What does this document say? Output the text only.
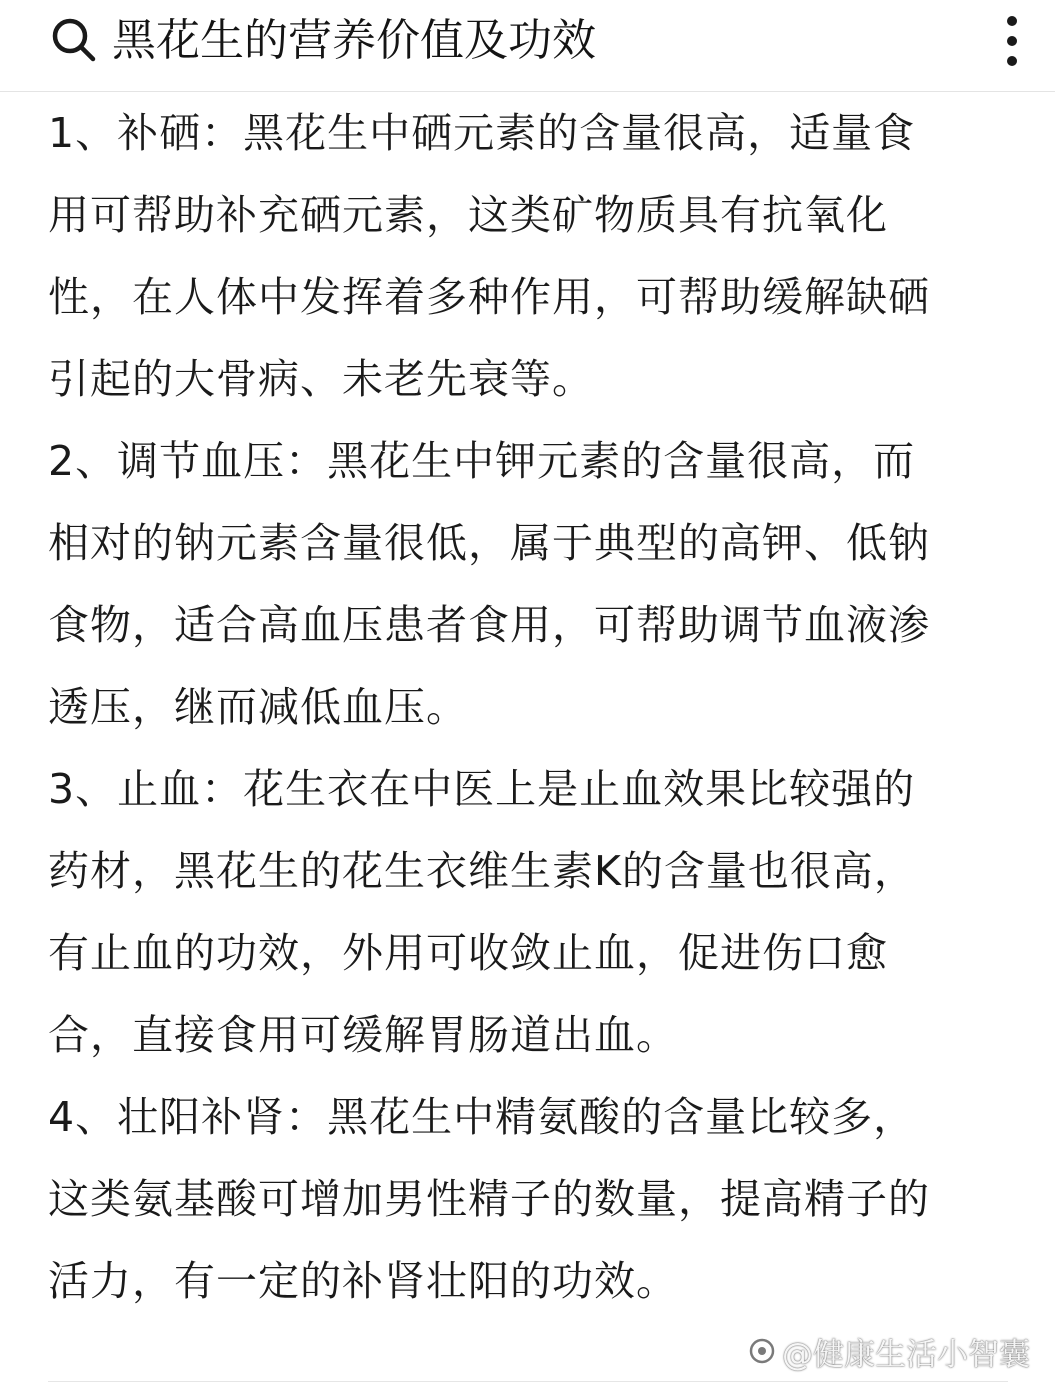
黑花生的营养价值及功效

1、补硒：黑花生中硒元素的含量很高，适量食
用可帮助补充硒元素，这类矿物质具有抗氧化
性，在人体中发挥着多种作用，可帮助缓解缺硒
引起的大骨病、未老先衰等。

2、调节血压：黑花生中钾元素的含量很高，而
相对的钠元素含量很低，属于典型的高钾、低钠
食物，适合高血压患者食用，可帮助调节血液渗
透压，继而减低血压。

3、止血：花生衣在中医上是止血效果比较强的
药材，黑花生的花生衣维生素K的含量也很高，
有止血的功效，外用可收敛止血，促进伤口愈
合，直接食用可缓解胃肠道出血。

4、壮阳补肾：黑花生中精氨酸的含量比较多，
这类氨基酸可增加男性精子的数量，提高精子的
活力，有一定的补肾壮阳的功效。

@健康生活小智囊
